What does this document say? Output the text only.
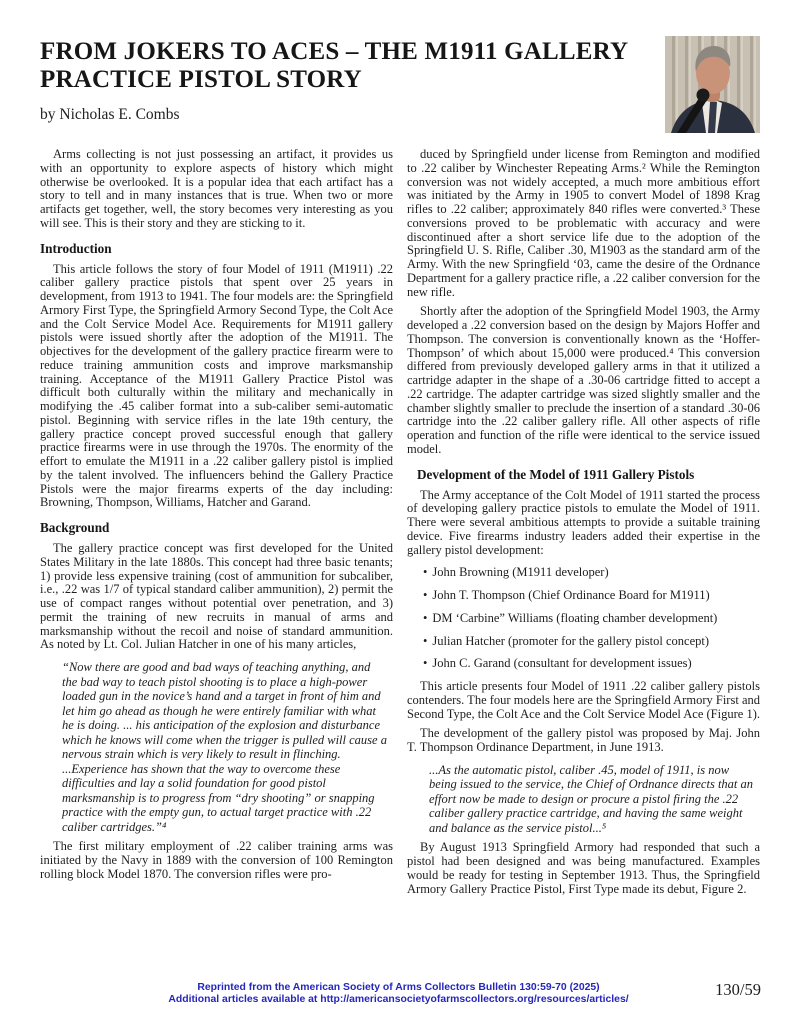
FROM JOKERS TO ACES – THE M1911 GALLERY
PRACTICE PISTOL STORY
by Nicholas E. Combs

Arms collecting is not just possessing an artifact, it provides us with an opportunity to explore aspects of history which might otherwise be overlooked. It is a popular idea that each artifact has a story to tell and in many instances that is true. When two or more artifacts get together, well, the story becomes very interesting as you will see. This is their story and they are sticking to it.

Introduction

This article follows the story of four Model of 1911 (M1911) .22 caliber gallery practice pistols that spent over 25 years in development, from 1913 to 1941. The four models are: the Springfield Armory First Type, the Springfield Armory Second Type, the Colt Ace and the Colt Service Model Ace. Requirements for M1911 gallery pistols were issued shortly after the adoption of the M1911. The objectives for the development of the gallery practice firearm were to reduce training ammunition costs and improve marksmanship training. Acceptance of the M1911 Gallery Practice Pistol was difficult both culturally within the military and mechanically in modifying the .45 caliber format into a sub-caliber semi-automatic pistol. Beginning with service rifles in the late 19th century, the gallery practice concept proved successful enough that gallery practice firearms were in use through the 1970s. The enormity of the effort to emulate the M1911 in a .22 caliber gallery pistol is implied by the talent involved. The influencers behind the Gallery Practice Pistols were the major firearms experts of the day including: Browning, Thompson, Williams, Hatcher and Garand.

Background

The gallery practice concept was first developed for the United States Military in the late 1880s. This concept had three basic tenants; 1) provide less expensive training (cost of ammunition for subcaliber, i.e., .22 was 1/7 of typical standard caliber ammunition), 2) permit the use of compact ranges without potential over penetration, and 3) permit the training of new recruits in manual of arms and marksmanship without the recoil and noise of standard ammunition. As noted by Lt. Col. Julian Hatcher in one of his many articles,

“Now there are good and bad ways of teaching anything, and the bad way to teach pistol shooting is to place a high-power loaded gun in the novice’s hand and a target in front of him and let him go ahead as though he were entirely familiar with what he is doing. ... his anticipation of the explosion and disturbance which he knows will come when the trigger is pulled will cause a nervous strain which is very likely to result in flinching. ...Experience has shown that the way to overcome these difficulties and lay a solid foundation for good pistol marksmanship is to progress from “dry shooting” or snapping practice with the empty gun, to actual target practice with .22 caliber cartridges.”⁴

The first military employment of .22 caliber training arms was initiated by the Navy in 1889 with the conversion of 100 Remington rolling block Model 1870. The conversion rifles were pro-

duced by Springfield under license from Remington and modified to .22 caliber by Winchester Repeating Arms.² While the Remington conversion was not widely accepted, a much more ambitious effort was initiated by the Army in 1905 to convert Model of 1898 Krag rifles to .22 caliber; approximately 840 rifles were converted.³ These conversions proved to be problematic with accuracy and were discontinued after a short service life due to the adoption of the Springfield U. S. Rifle, Caliber .30, M1903 as the standard arm of the Army. With the new Springfield ‘03, came the desire of the Ordnance Department for a gallery practice rifle, a .22 caliber conversion for the new rifle.

Shortly after the adoption of the Springfield Model 1903, the Army developed a .22 conversion based on the design by Majors Hoffer and Thompson. The conversion is conventionally known as the ‘Hoffer-Thompson’ of which about 15,000 were produced.⁴ This conversion differed from previously developed gallery arms in that it utilized a cartridge adapter in the shape of a .30-06 cartridge fitted to accept a .22 cartridge. The adapter cartridge was sized slightly smaller and the chamber slightly smaller to preclude the insertion of a standard .30-06 cartridge into the .22 caliber gallery rifle. All other aspects of rifle operation and function of the rifle were identical to the service issued model.

Development of the Model of 1911 Gallery Pistols

The Army acceptance of the Colt Model of 1911 started the process of developing gallery practice pistols to emulate the Model of 1911. There were several ambitious attempts to provide a suitable training device. Five firearms industry leaders added their expertise in the gallery pistol development:

• John Browning (M1911 developer)
• John T. Thompson (Chief Ordinance Board for M1911)
• DM ‘Carbine” Williams (floating chamber development)
• Julian Hatcher (promoter for the gallery pistol concept)
• John C. Garand (consultant for development issues)

This article presents four Model of 1911 .22 caliber gallery pistols contenders. The four models here are the Springfield Armory First and Second Type, the Colt Ace and the Colt Service Model Ace (Figure 1).

The development of the gallery pistol was proposed by Maj. John T. Thompson Ordinance Department, in June 1913.

...As the automatic pistol, caliber .45, model of 1911, is now being issued to the service, the Chief of Ordnance directs that an effort now be made to design or procure a pistol firing the .22 caliber gallery practice cartridge, and having the same weight and balance as the service pistol...⁵

By August 1913 Springfield Armory had responded that such a pistol had been designed and was being manufactured. Examples would be ready for testing in September 1913. Thus, the Springfield Armory Gallery Practice Pistol, First Type made its debut, Figure 2.

Reprinted from the American Society of Arms Collectors Bulletin 130:59-70 (2025)
Additional articles available at http://americansocietyofarmscollectors.org/resources/articles/
130/59
